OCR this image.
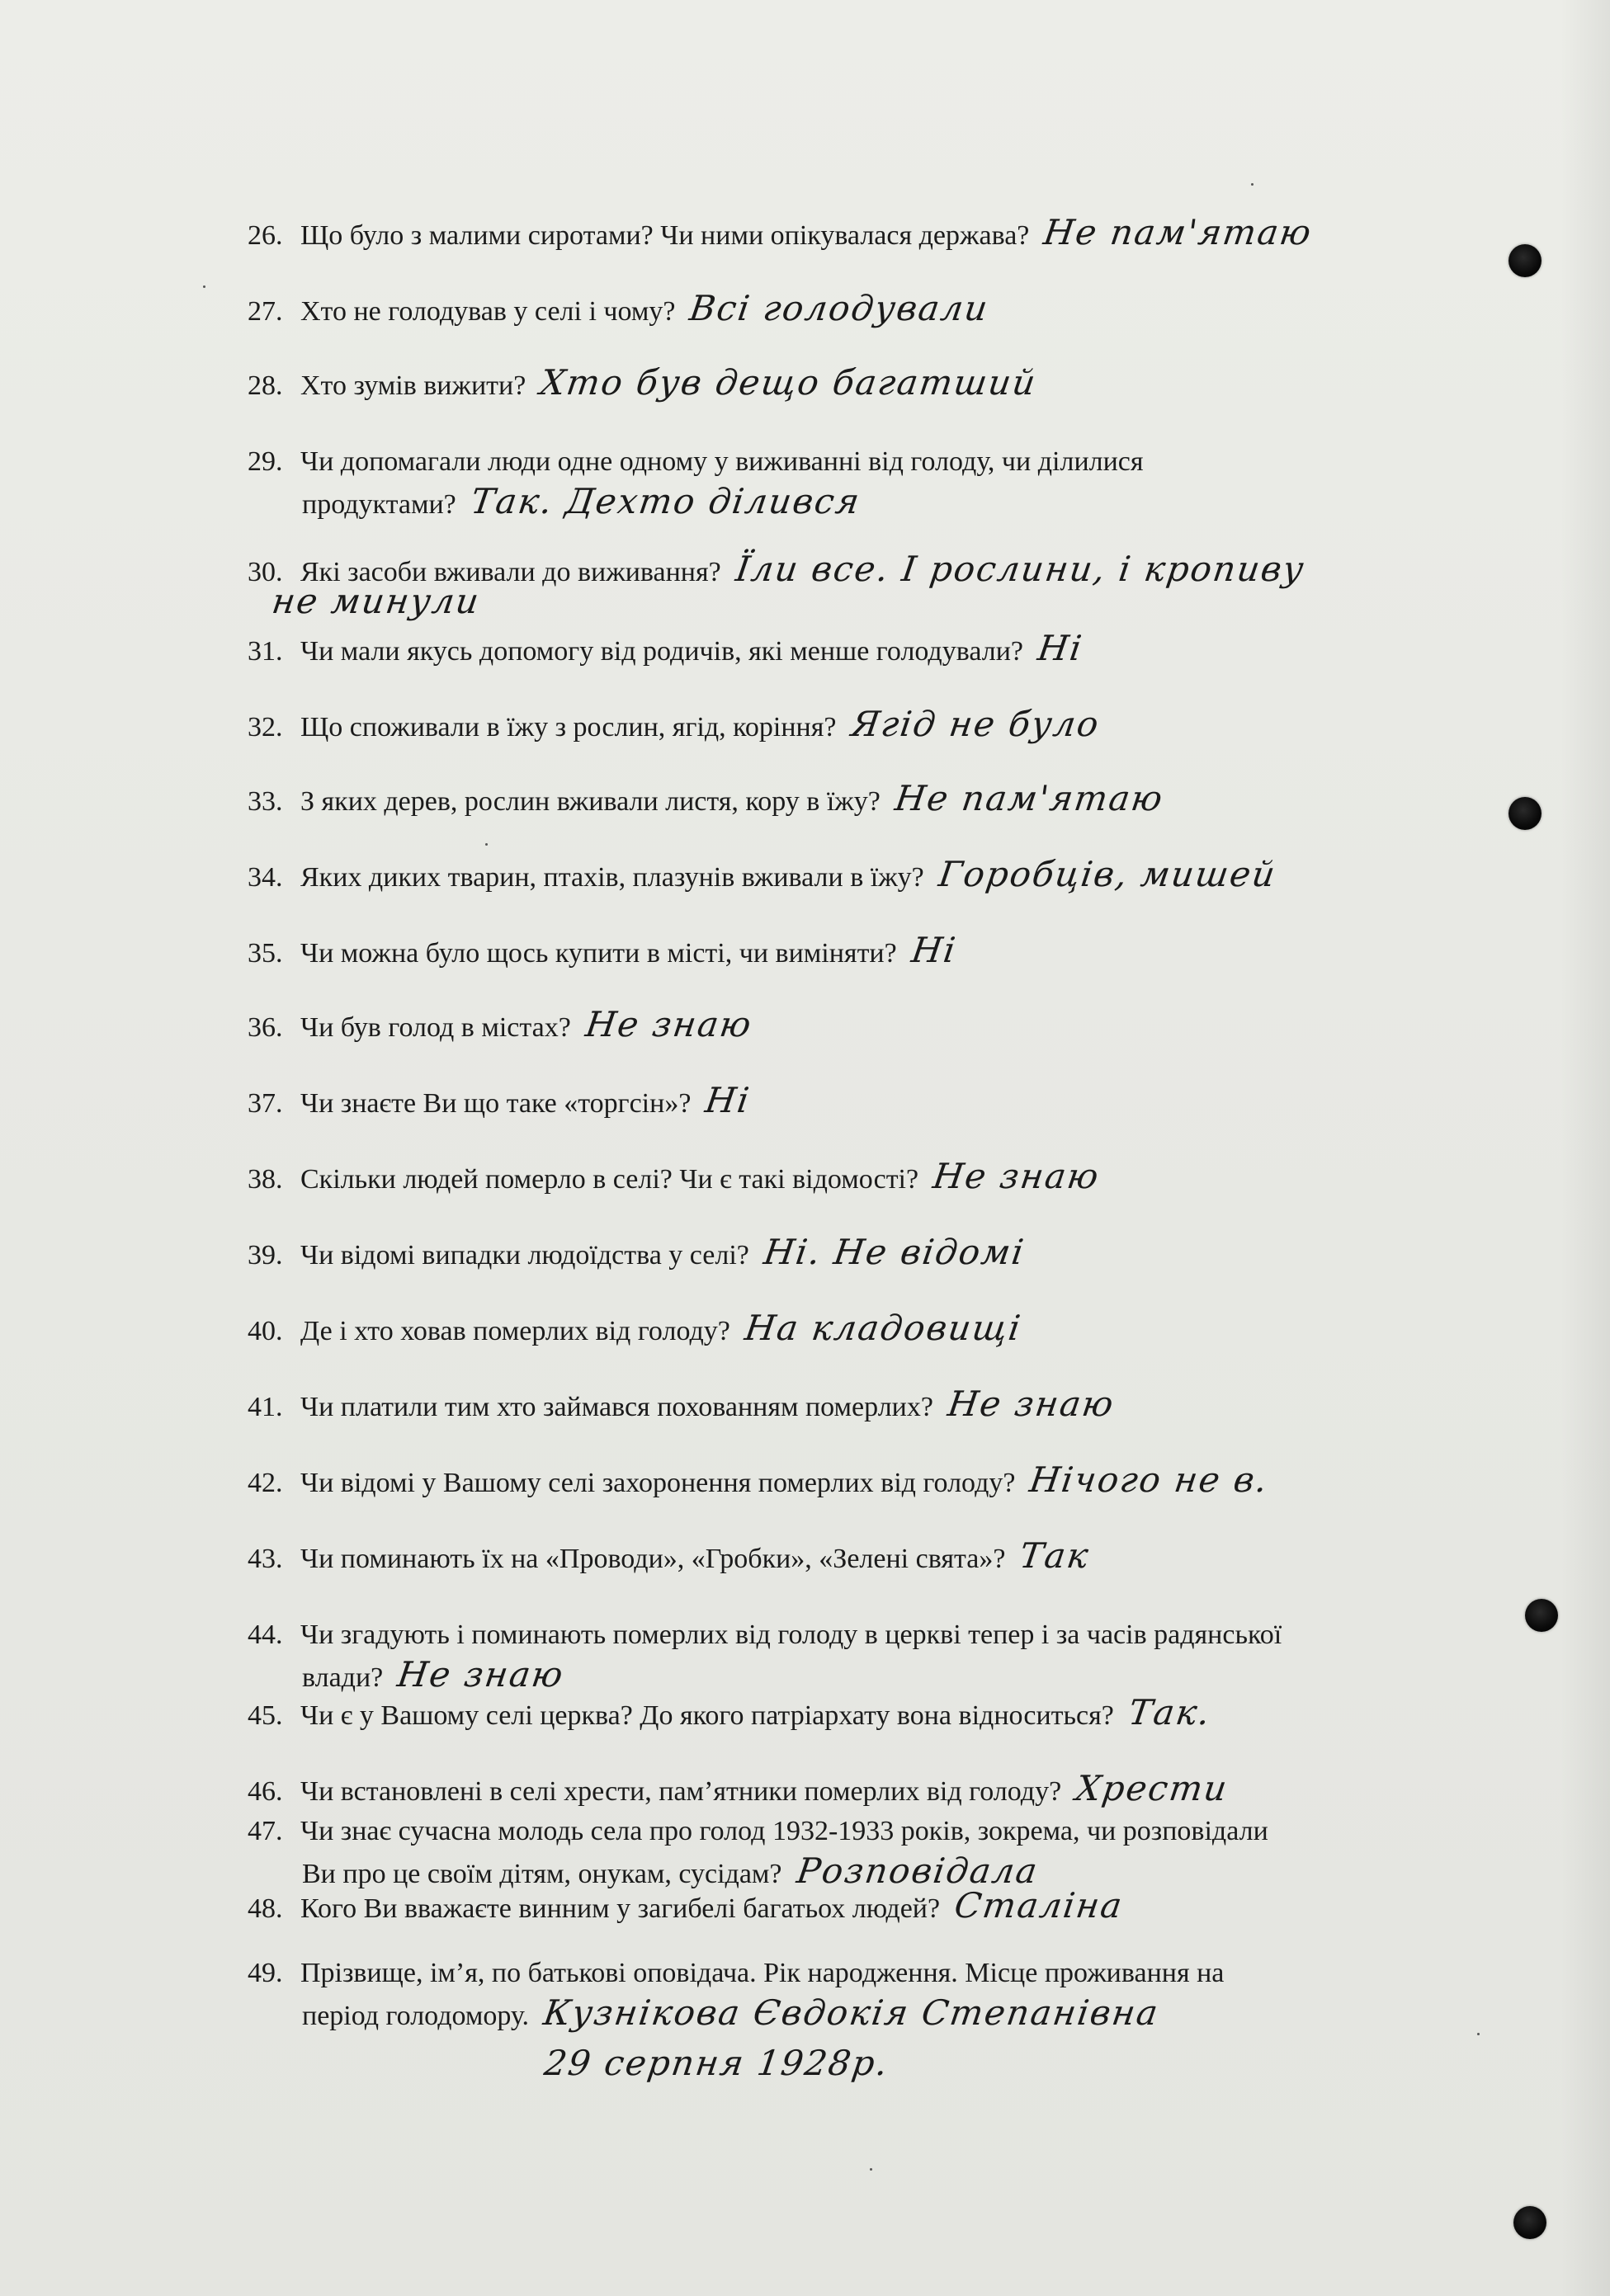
26. Що було з малими сиротами? Чи ними опікувалася держава? Не пам'ятаю
27. Хто не голодував у селі і чому? Всі голодували
28. Хто зумів вижити? Хто був дещо багатший
29. Чи допомагали люди одне одному у виживанні від голоду, чи ділилися
продуктами? Так. Дехто ділився
30. Які засоби вживали до виживання? Їли все. І рослини, і кропиву
не минули
31. Чи мали якусь допомогу від родичів, які менше голодували? Ні
32. Що споживали в їжу з рослин, ягід, коріння? Ягід не було
33. З яких дерев, рослин вживали листя, кору в їжу? Не пам'ятаю
34. Яких диких тварин, птахів, плазунів вживали в їжу? Горобців, мишей
35. Чи можна було щось купити в місті, чи виміняти? Ні
36. Чи був голод в містах? Не знаю
37. Чи знаєте Ви що таке «торгсін»? Ні
38. Скільки людей померло в селі? Чи є такі відомості? Не знаю
39. Чи відомі випадки людоїдства у селі? Ні. Не відомі
40. Де і хто ховав померлих від голоду? На кладовищі
41. Чи платили тим хто займався похованням померлих? Не знаю
42. Чи відомі у Вашому селі захоронення померлих від голоду? Нічого не в.
43. Чи поминають їх на «Проводи», «Гробки», «Зелені свята»? Так
44. Чи згадують і поминають померлих від голоду в церкві тепер і за часів радянської
влади? Не знаю
45. Чи є у Вашому селі церква? До якого патріархату вона відноситься? Так.
46. Чи встановлені в селі хрести, пам’ятники померлих від голоду? Хрести
47. Чи знає сучасна молодь села про голод 1932-1933 років, зокрема, чи розповідали
Ви про це своїм дітям, онукам, сусідам? Розповідала
48. Кого Ви вважаєте винним у загибелі багатьох людей? Сталіна
49. Прізвище, ім’я, по батькові оповідача. Рік народження. Місце проживання на
період голодомору. Кузнікова Євдокія Степанівна
29 серпня 1928р.
